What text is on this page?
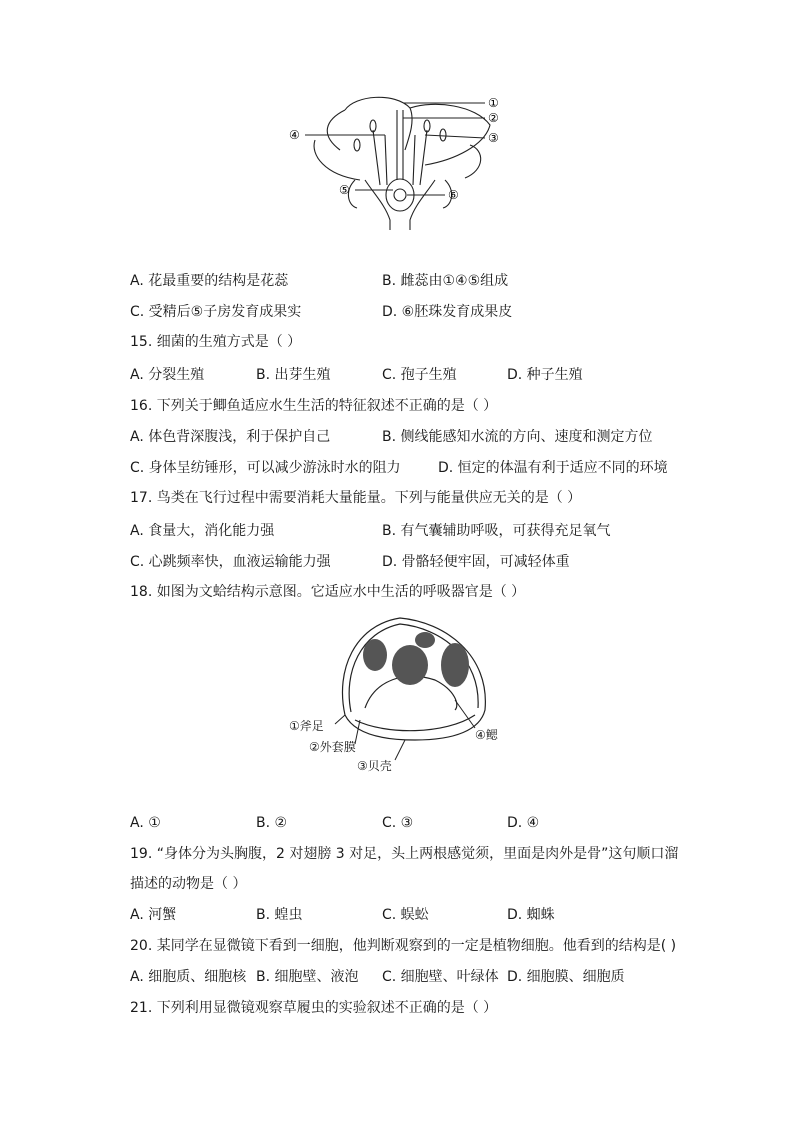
①
②
③
④
⑤	⑥
A. 花最重要的结构是花蕊	B. 雌蕊由①④⑤组成
C. 受精后⑤子房发育成果实	D. ⑥胚珠发育成果皮
15. 细菌的生殖方式是（ ）
A. 分裂生殖	B. 出芽生殖	C. 孢子生殖	D. 种子生殖
16. 下列关于鲫鱼适应水生生活的特征叙述不正确的是（ ）
A. 体色背深腹浅，利于保护自己	B. 侧线能感知水流的方向、速度和测定方位
C. 身体呈纺锤形，可以减少游泳时水的阻力	D. 恒定的体温有利于适应不同的环境
17. 鸟类在飞行过程中需要消耗大量能量。下列与能量供应无关的是（ ）
A. 食量大，消化能力强	B. 有气囊辅助呼吸，可获得充足氧气
C. 心跳频率快，血液运输能力强	D. 骨骼轻便牢固，可减轻体重
18. 如图为文蛤结构示意图。它适应水中生活的呼吸器官是（ ）
①斧足
②外套膜
③贝壳
④鳃
A. ①	B. ②	C. ③	D. ④
19. “身体分为头胸腹，2 对翅膀 3 对足，头上两根感觉须，里面是肉外是骨”这句顺口溜
描述的动物是（ ）
A. 河蟹	B. 蝗虫	C. 蜈蚣	D. 蜘蛛
20. 某同学在显微镜下看到一细胞，他判断观察到的一定是植物细胞。他看到的结构是( )
A. 细胞质、细胞核 B. 细胞壁、液泡 C. 细胞壁、叶绿体 D. 细胞膜、细胞质
21. 下列利用显微镜观察草履虫的实验叙述不正确的是（ ）
